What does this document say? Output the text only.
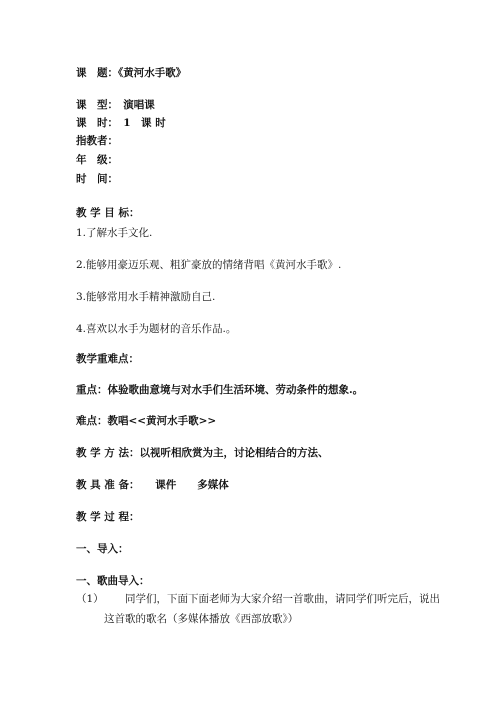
课　题：《黄河水手歌》

课　型：　演唱课

课　时：　1　课 时

指教者：

年　级：

时　间：

教 学 目 标：

1.了解水手文化.

2.能够用豪迈乐观、粗犷豪放的情绪背唱《黄河水手歌》.

3.能够常用水手精神激励自己.

4.喜欢以水手为题材的音乐作品.。

教学重难点：

重点：体验歌曲意境与对水手们生活环境、劳动条件的想象.。

难点：教唱<<黄河水手歌>>

教 学 方 法：以视听相欣赏为主，讨论相结合的方法、

教 具 准 备：　　课件　　多媒体

教 学 过 程：

一、导入：

一、歌曲导入：

（1） 　　同学们，下面下面老师为大家介绍一首歌曲，请同学们听完后，说出
这首歌的歌名（多媒体播放《西部放歌》）
